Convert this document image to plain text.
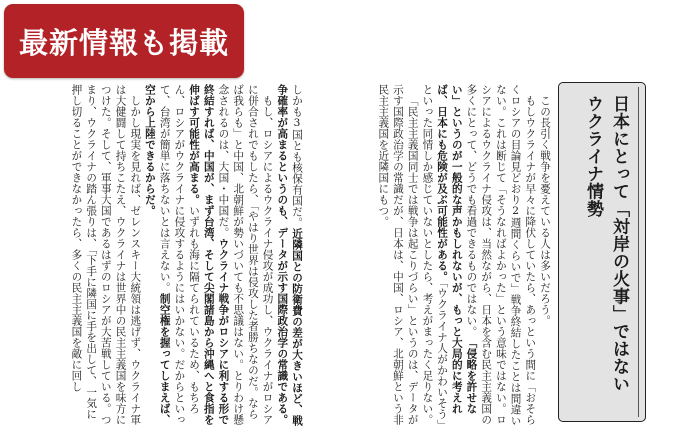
最新情報も掲載
日本にとって「対岸の火事」ではない
ウクライナ情勢

この長引く戦争を憂えている人は多いだろう。

もしウクライナが早々に降伏していたら、あっという間に「おそらくロシアの目論見どおり2週間くらいで」戦争終結したことは間違いない。これは断じて「そうなればよかった」という意味ではない。ロシアによるウクライナ侵攻は、当然ながら、日本を含む民主主義国の多くにとって、どうでも看過できるものではない。「侵略を許せない」というのが一般的な声かもしれないが、もっと大局的に考えれば、日本にも危険が及ぶ可能性がある。「ウクライナ人がかわいそう」といった同情しか感じていないとしたら、考えがまったく足りない。

「民主主義国同士では戦争は起こりづらい」というのは、データが示す国際政治学の常識だが、日本は、中国、ロシア、北朝鮮という非民主主義国を近隣国にもつ。

しかも3国とも核保有国だ。近隣国との防衛費の差が大きいほど、戦争確率が高まるというのも、データが示す国際政治学の常識である。

もし、ロシアによるウクライナ侵攻が成功し、ウクライナがロシアに併合されでもしたら、「やはり世界は侵攻した者勝ちなのだ。ならば我らも」と中国、北朝鮮が勢いづいても不思議はない。とりわけ懸念されるのは、大国・中国だ。ウクライナ戦争がロシアに利する形で終結すれば、中国が、まず台湾、そして尖閣諸島から沖縄へと食指を伸ばす可能性が高まる。いずれも海に隔てられているため、もちろん、ロシアがウクライナに侵攻するようにはいかない。だからといって、台湾が簡単に落ちないとは言えない。制空権を握ってしまえば、空から上陸できるからだ。

しかし現実を見れば、ゼレンスキー大統領は逃げず、ウクライナ軍は大健闘して持ちこたえ、ウクライナは世界中の民主主義国を味方につけた。そして、軍事大国であるはずのロシアが大苦戦している。つまり、ウクライナの踏ん張りは、「下手に隣国に手を出して、一気に押し切ることができなかったら、多くの民主主義国を敵に回し
